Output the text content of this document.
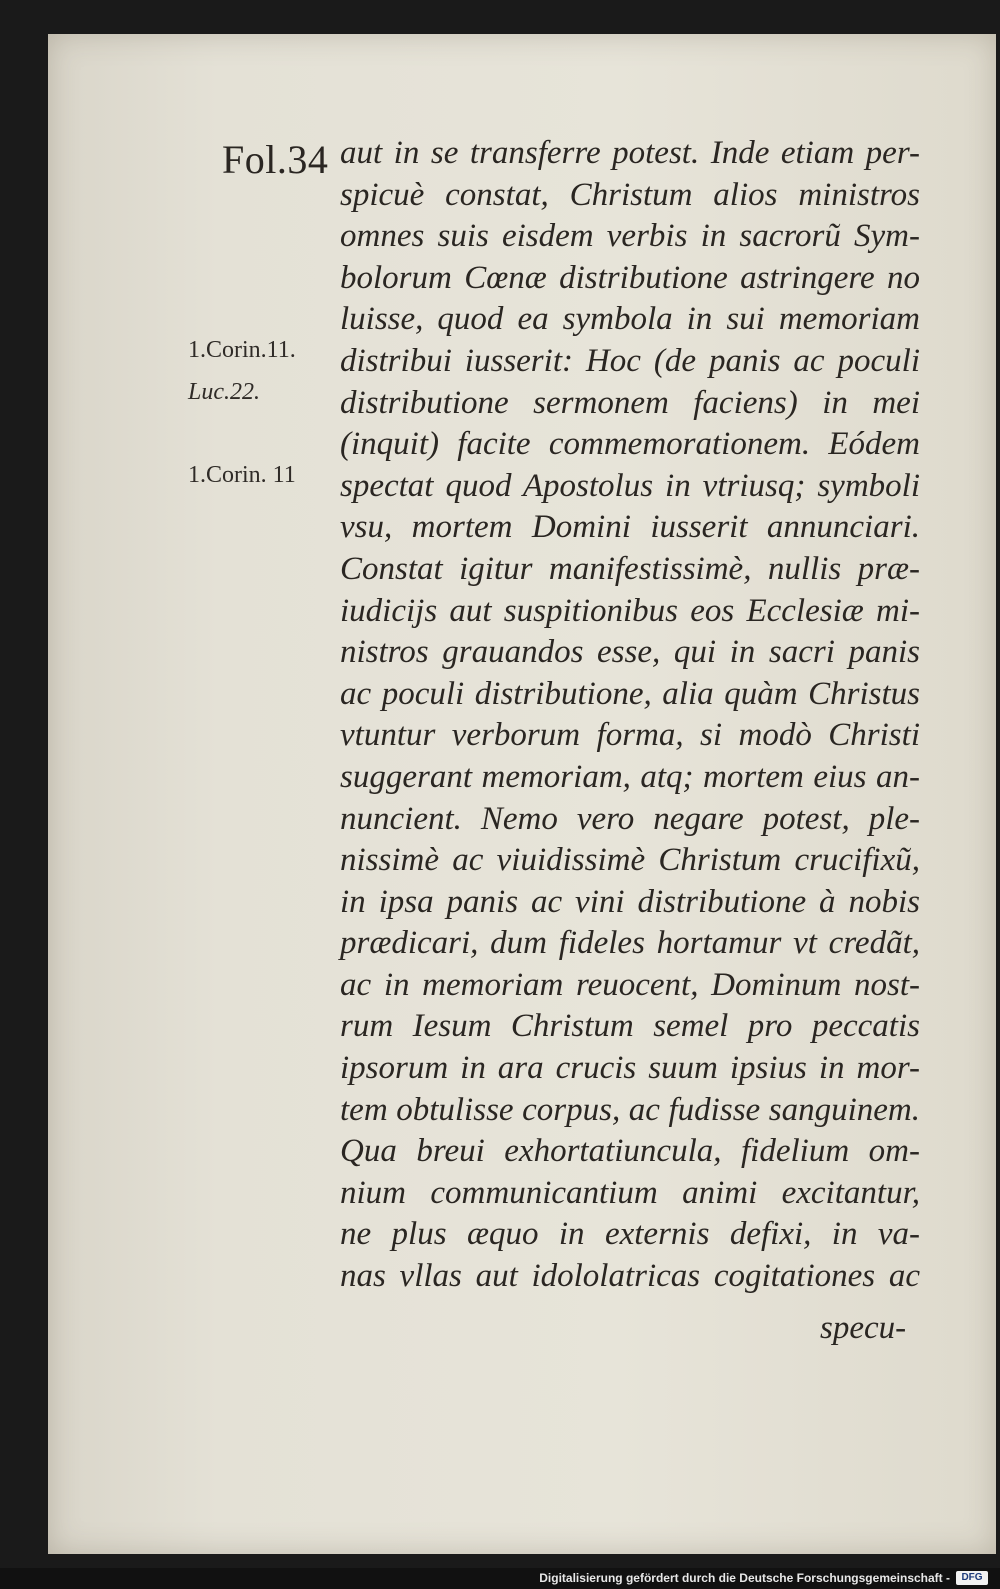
Fol.34
1.Corin.11.
Luc.22.
1.Corin. 11
aut in se transferre potest. Inde etiam per-
spicuè constat, Christum alios ministros
omnes suis eisdem verbis in sacrorũ Sym-
bolorum Cœnæ distributione astringere no
luisse, quod ea symbola in sui memoriam
distribui iusserit: Hoc (de panis ac poculi
distributione sermonem faciens) in mei
(inquit) facite commemorationem. Eódem
spectat quod Apostolus in vtriusq; symboli
vsu, mortem Domini iusserit annunciari.
Constat igitur manifestissimè, nullis præ-
iudicijs aut suspitionibus eos Ecclesiæ mi-
nistros grauandos esse, qui in sacri panis
ac poculi distributione, alia quàm Christus
vtuntur verborum forma, si modò Christi
suggerant memoriam, atq; mortem eius an-
nuncient. Nemo vero negare potest, ple-
nissimè ac viuidissimè Christum crucifixũ,
in ipsa panis ac vini distributione à nobis
prædicari, dum fideles hortamur vt credãt,
ac in memoriam reuocent, Dominum nost-
rum Iesum Christum semel pro peccatis
ipsorum in ara crucis suum ipsius in mor-
tem obtulisse corpus, ac fudisse sanguinem.
Qua breui exhortatiuncula, fidelium om-
nium communicantium animi excitantur,
ne plus æquo in externis defixi, in va-
nas vllas aut idololatricas cogitationes ac
specu-
Digitalisierung gefördert durch die Deutsche Forschungsgemeinschaft -	DFG
